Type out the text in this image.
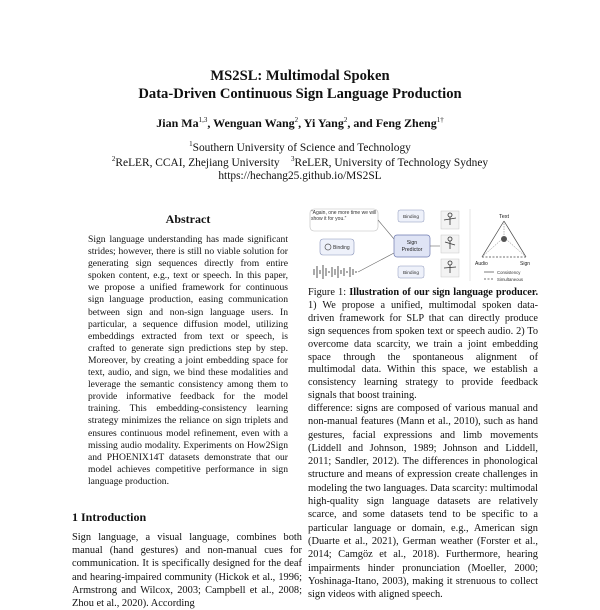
MS2SL: Multimodal Spoken
Data-Driven Continuous Sign Language Production
Jian Ma$^{1,3}$, Wenguan Wang$^2$, Yi Yang$^2$, and Feng Zheng$^{1\dagger}$
$^1$Southern University of Science and Technology
$^2$ReLER, CCAI, Zhejiang University $^3$ReLER, University of Technology Sydney
https://hechang25.github.io/MS2SL
Abstract
Sign language understanding has made significant strides; however, there is still no viable solution for generating sign sequences directly from entire spoken content, e.g., text or speech. In this paper, we propose a unified framework for continuous sign language production, easing communication between sign and non-sign language users. In particular, a sequence diffusion model, utilizing embeddings extracted from text or speech, is crafted to generate sign predictions step by step. Moreover, by creating a joint embedding space for text, audio, and sign, we bind these modalities and leverage the semantic consistency among them to provide informative feedback for the model training. This embedding-consistency learning strategy minimizes the reliance on sign triplets and ensures continuous model refinement, even with a missing audio modality. Experiments on How2Sign and PHOENIX14T datasets demonstrate that our model achieves competitive performance in sign language production.
1 Introduction
Sign language, a visual language, combines both manual (hand gestures) and non-manual cues for communication. It is specifically designed for the deaf and hearing-impaired community (Hickok et al., 1996; Armstrong and Wilcox, 2003; Campbell et al., 2008; Zhou et al., 2020). According
“Again, one more time we will show it for you.”
Binding
Sign
Predictor
Binding
Binding
Text
Audio	Sign
Consistency
Simultaneous
Figure 1: Illustration of our sign language producer. 1) We propose a unified, multimodal spoken data-driven framework for SLP that can directly produce sign sequences from spoken text or speech audio. 2) To overcome data scarcity, we train a joint embedding space through the spontaneous alignment of multimodal data. Within this space, we establish a consistency learning strategy to provide feedback signals that boost training.
difference: signs are composed of various manual and non-manual features (Mann et al., 2010), such as hand gestures, facial expressions and limb movements (Liddell and Johnson, 1989; Johnson and Liddell, 2011; Sandler, 2012). The differences in phonological structure and means of expression create challenges in modeling the two languages. Data scarcity: multimodal high-quality sign language datasets are relatively scarce, and some datasets tend to be specific to a particular language or domain, e.g., American sign (Duarte et al., 2021), German weather (Forster et al., 2014; Camgöz et al., 2018). Furthermore, hearing impairments hinder pronunciation (Moeller, 2000; Yoshinaga-Itano, 2003), making it strenuous to collect sign videos with aligned speech.
